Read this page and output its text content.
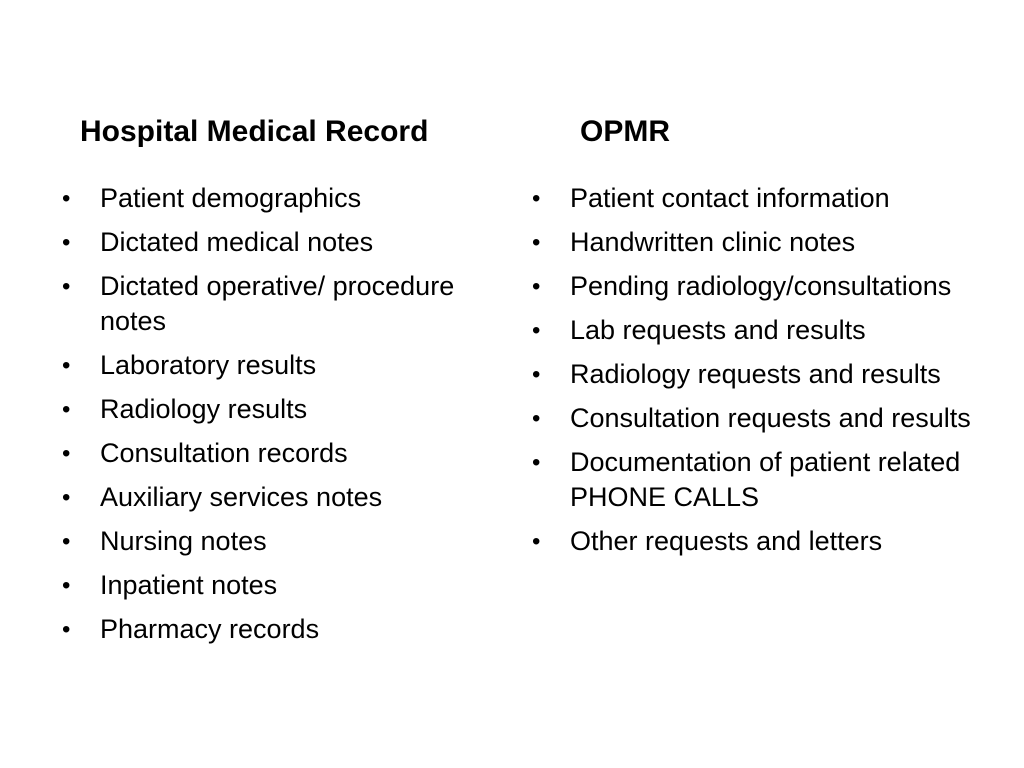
Hospital Medical Record	OPMR
•	Patient demographics
•	Dictated medical notes
•	Dictated operative/ procedure notes
•	Laboratory results
•	Radiology results
•	Consultation records
•	Auxiliary services notes
•	Nursing notes
•	Inpatient notes
•	Pharmacy records
•	Patient contact information
•	Handwritten clinic notes
•	Pending radiology/consultations
•	Lab requests and results
•	Radiology requests and results
•	Consultation requests and results
•	Documentation of patient related PHONE CALLS
•	Other requests and letters
